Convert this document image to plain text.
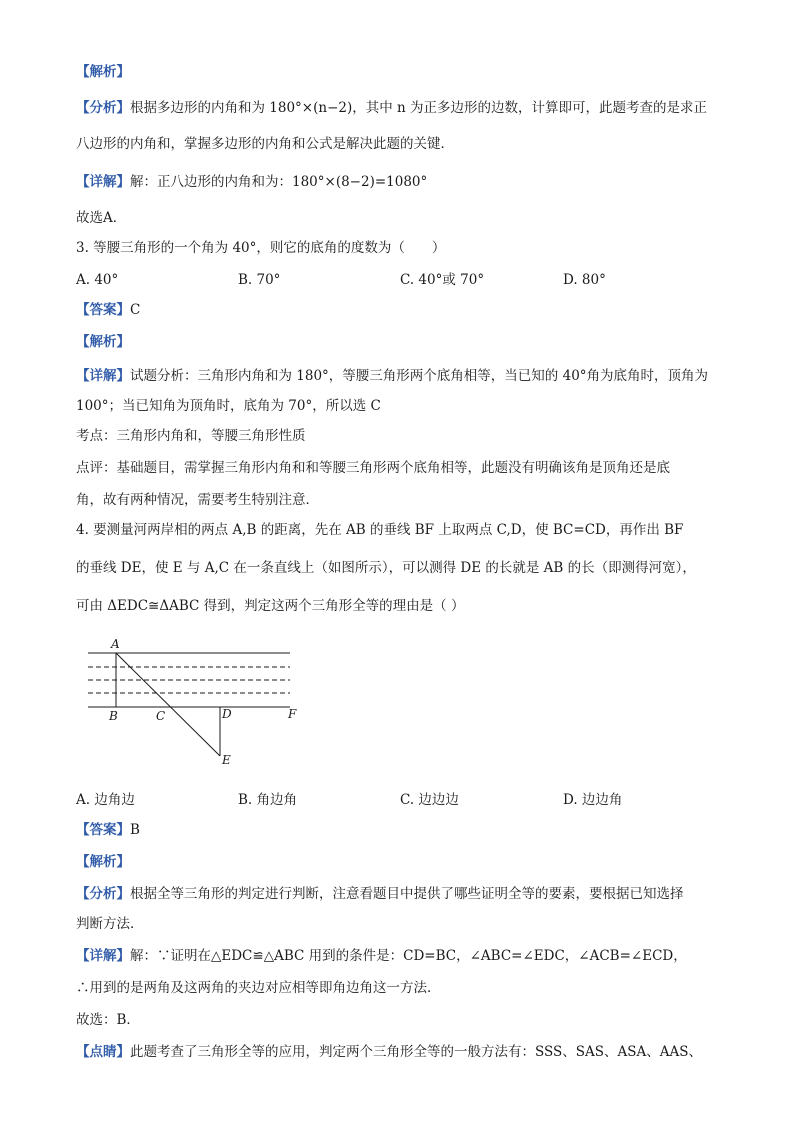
【解析】
【分析】根据多边形的内角和为 180°×(n−2)，其中 n 为正多边形的边数，计算即可，此题考查的是求正
八边形的内角和，掌握多边形的内角和公式是解决此题的关键．
【详解】解：正八边形的内角和为：180°×(8−2)=1080°
故选A．
3. 等腰三角形的一个角为 40°，则它的底角的度数为（　　）
A. 40°	B. 70°	C. 40°或 70°	D. 80°
【答案】C
【解析】
【详解】试题分析：三角形内角和为 180°，等腰三角形两个底角相等，当已知的 40°角为底角时，顶角为
100°；当已知角为顶角时，底角为 70°，所以选 C
考点：三角形内角和，等腰三角形性质
点评：基础题目，需掌握三角形内角和和等腰三角形两个底角相等，此题没有明确该角是顶角还是底
角，故有两种情况，需要考生特别注意．
4. 要测量河两岸相的两点 A,B 的距离，先在 AB 的垂线 BF 上取两点 C,D，使 BC=CD，再作出 BF
的垂线 DE，使 E 与 A,C 在一条直线上（如图所示），可以测得 DE 的长就是 AB 的长（即测得河宽），
可由 ΔEDC≅ΔABC 得到，判定这两个三角形全等的理由是（ ）
A
B	C	D	F
E
A. 边角边	B. 角边角	C. 边边边	D. 边边角
【答案】B
【解析】
【分析】根据全等三角形的判定进行判断，注意看题目中提供了哪些证明全等的要素，要根据已知选择
判断方法．
【详解】解：∵证明在△EDC≌△ABC 用到的条件是：CD=BC，∠ABC=∠EDC，∠ACB=∠ECD，
∴用到的是两角及这两角的夹边对应相等即角边角这一方法．
故选：B．
【点睛】此题考查了三角形全等的应用，判定两个三角形全等的一般方法有：SSS、SAS、ASA、AAS、
